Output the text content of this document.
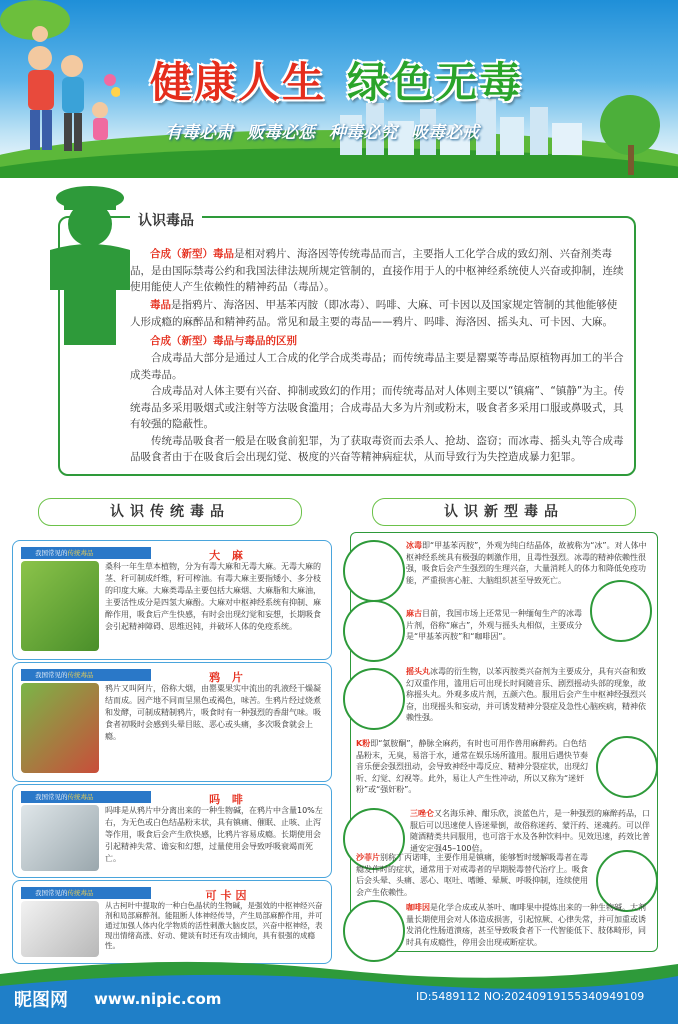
健康人生 绿色无毒
有毒必肃 贩毒必惩 种毒必究 吸毒必戒
认识毒品
合成（新型）毒品是相对鸦片、海洛因等传统毒品而言，主要指人工化学合成的致幻剂、兴奋剂类毒品，是由国际禁毒公约和我国法律法规所规定管制的，直接作用于人的中枢神经系统使人兴奋或抑制，连续使用能使人产生依赖性的精神药品（毒品）。
毒品是指鸦片、海洛因、甲基苯丙胺（即冰毒）、吗啡、大麻、可卡因以及国家规定管制的其他能够使人形成瘾的麻醉品和精神药品。常见和最主要的毒品——鸦片、吗啡、海洛因、摇头丸、可卡因、大麻。
合成（新型）毒品与毒品的区别
合成毒品大部分是通过人工合成的化学合成类毒品；而传统毒品主要是罂粟等毒品原植物再加工的半合成类毒品。
合成毒品对人体主要有兴奋、抑制或致幻的作用；而传统毒品对人体则主要以“镇痛”、“镇静”为主。传统毒品多采用吸烟式或注射等方法吸食滥用；合成毒品大多为片剂或粉末，吸食者多采用口服或鼻吸式，具有较强的隐蔽性。
传统毒品吸食者一般是在吸食前犯罪，为了获取毒资而去杀人、抢劫、盗窃；而冰毒、摇头丸等合成毒品吸食者由于在吸食后会出现幻觉、极度的兴奋等精神病症状，从而导致行为失控造成暴力犯罪。
认识传统毒品
我国常见的传统毒品	大 麻
桑科一年生草本植物，分为有毒大麻和无毒大麻。无毒大麻的茎、秆可制成纤维，籽可榨油。有毒大麻主要指矮小、多分枝的印度大麻。大麻类毒品主要包括大麻烟、大麻脂和大麻油，主要活性成分是四氢大麻酚。大麻对中枢神经系统有抑制、麻醉作用，吸食后产生快感，有时会出现幻觉和妄想，长期吸食会引起精神障碍、思维迟钝，并破坏人体的免疫系统。
我国常见的传统毒品	鸦 片
鸦片又叫阿片，俗称大烟，由罂粟果实中流出的乳液经干燥凝结而成。因产地不同而呈黑色或褐色，味苦。生鸦片经过烧煮和发酵，可制成精制鸦片，吸食时有一种强烈的香甜气味。吸食者初吸时会感到头晕目眩、恶心或头痛，多次吸食就会上瘾。
我国常见的传统毒品	吗 啡
吗啡是从鸦片中分离出来的一种生物碱，在鸦片中含量10%左右，为无色或白色结晶粉末状，具有镇痛、催眠、止咳、止泻等作用，吸食后会产生欣快感，比鸦片容易成瘾。长期使用会引起精神失常、谵妄和幻想，过量使用会导致呼吸衰竭而死亡。
我国常见的传统毒品	可卡因
从古柯叶中提取的一种白色晶状的生物碱，是强效的中枢神经兴奋剂和局部麻醉剂。能阻断人体神经传导，产生局部麻醉作用，并可通过加强人体内化学物质的活性刺激大脑皮层，兴奋中枢神经，表现出情绪高涨、好动、健谈有时还有攻击倾向，具有很强的成瘾性。
认识新型毒品
冰毒即“甲基苯丙胺”，外观为纯白结晶体，故被称为“冰”。对人体中枢神经系统具有极强的刺激作用，且毒性强烈。冰毒的精神依赖性很强，吸食后会产生强烈的生理兴奋，大量消耗人的体力和降低免疫功能，严重损害心脏、大脑组织甚至导致死亡。
麻古目前，我国市场上还常见一种缅甸生产的冰毒片剂，俗称“麻古”，外观与摇头丸相似，主要成分是“甲基苯丙胺”和“咖啡因”。
摇头丸冰毒的衍生物，以苯丙胺类兴奋剂为主要成分，具有兴奋和致幻双重作用，滥用后可出现长时间随音乐、剧烈摇动头部的现象，故称摇头丸。外观多成片剂，五颜六色。服用后会产生中枢神经强烈兴奋，出现摇头和妄动，并可诱发精神分裂症及急性心脑疾病，精神依赖性强。
K粉即“氯胺酮”，静脉全麻药，有时也可用作兽用麻醉药。白色结晶粉末，无臭，易溶于水，通常在娱乐场所滥用。服用后遇快节奏音乐便会强烈扭动，会导致神经中毒反应、精神分裂症状，出现幻听、幻觉、幻视等。此外，易让人产生性冲动，所以又称为“迷奸粉”或“强奸粉”。
三唑仑又名海乐神、酣乐欣，淡蓝色片，是一种强烈的麻醉药品，口服后可以迅速使人昏迷晕倒，故俗称迷药、蒙汗药、迷魂药。可以伴随酒精类共同服用，也可溶于水及各种饮料中。见效迅速，药效比普通安定强45–100倍。
沙菲片别称丁丙诺啡，主要作用是镇痛，能够暂时缓解吸毒者在毒瘾发作时的症状，通常用于对戒毒者的早期脱毒替代治疗上。吸食后会头晕、头痛、恶心、呕吐、嗜睡、晕厥、呼吸抑制，连续使用会产生依赖性。
咖啡因是化学合成或从茶叶、咖啡果中提炼出来的一种生物碱。大剂量长期使用会对人体造成损害，引起惊厥、心律失常，并可加重或诱发消化性肠道溃疡，甚至导致吸食者下一代智能低下、肢体畸形，同时具有成瘾性，停用会出现戒断症状。
昵图网 www.nipic.com	ID:5489112 NO:20240919155340949109
